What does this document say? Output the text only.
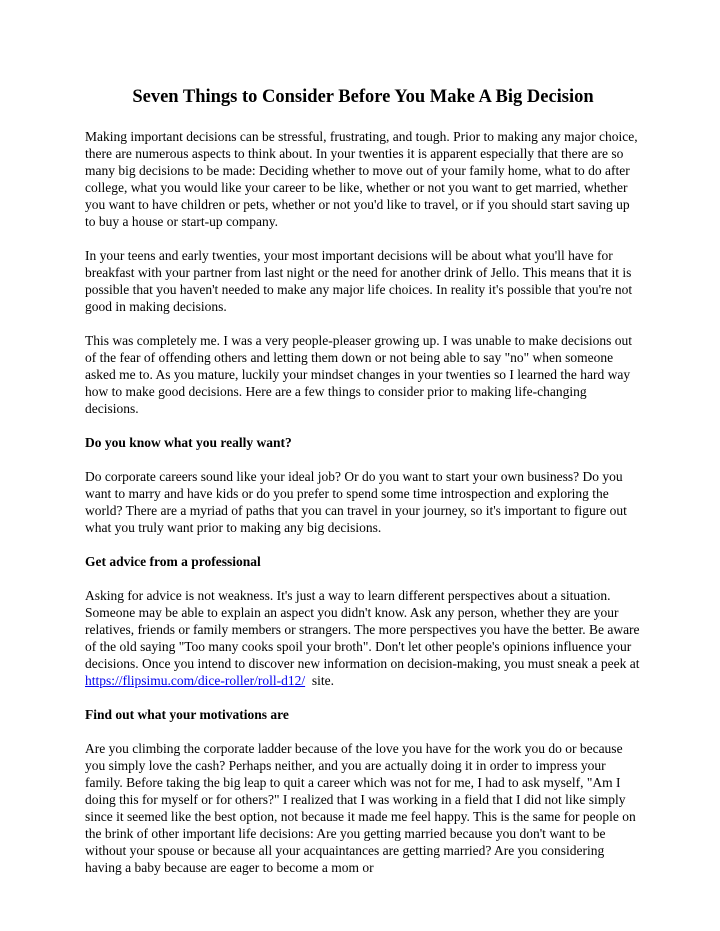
Seven Things to Consider Before You Make A Big Decision

Making important decisions can be stressful, frustrating, and tough. Prior to making any major choice, there are numerous aspects to think about. In your twenties it is apparent especially that there are so many big decisions to be made: Deciding whether to move out of your family home, what to do after college, what you would like your career to be like, whether or not you want to get married, whether you want to have children or pets, whether or not you'd like to travel, or if you should start saving up to buy a house or start-up company.

In your teens and early twenties, your most important decisions will be about what you'll have for breakfast with your partner from last night or the need for another drink of Jello. This means that it is possible that you haven't needed to make any major life choices. In reality it's possible that you're not good in making decisions.

This was completely me. I was a very people-pleaser growing up. I was unable to make decisions out of the fear of offending others and letting them down or not being able to say "no" when someone asked me to. As you mature, luckily your mindset changes in your twenties so I learned the hard way how to make good decisions. Here are a few things to consider prior to making life-changing decisions.

Do you know what you really want?

Do corporate careers sound like your ideal job? Or do you want to start your own business? Do you want to marry and have kids or do you prefer to spend some time introspection and exploring the world? There are a myriad of paths that you can travel in your journey, so it's important to figure out what you truly want prior to making any big decisions.

Get advice from a professional

Asking for advice is not weakness. It's just a way to learn different perspectives about a situation. Someone may be able to explain an aspect you didn't know. Ask any person, whether they are your relatives, friends or family members or strangers. The more perspectives you have the better. Be aware of the old saying "Too many cooks spoil your broth". Don't let other people's opinions influence your decisions. Once you intend to discover new information on decision-making, you must sneak a peek at https://flipsimu.com/dice-roller/roll-d12/  site.

Find out what your motivations are

Are you climbing the corporate ladder because of the love you have for the work you do or because you simply love the cash? Perhaps neither, and you are actually doing it in order to impress your family. Before taking the big leap to quit a career which was not for me, I had to ask myself, "Am I doing this for myself or for others?" I realized that I was working in a field that I did not like simply since it seemed like the best option, not because it made me feel happy. This is the same for people on the brink of other important life decisions: Are you getting married because you don't want to be without your spouse or because all your acquaintances are getting married? Are you considering having a baby because are eager to become a mom or
